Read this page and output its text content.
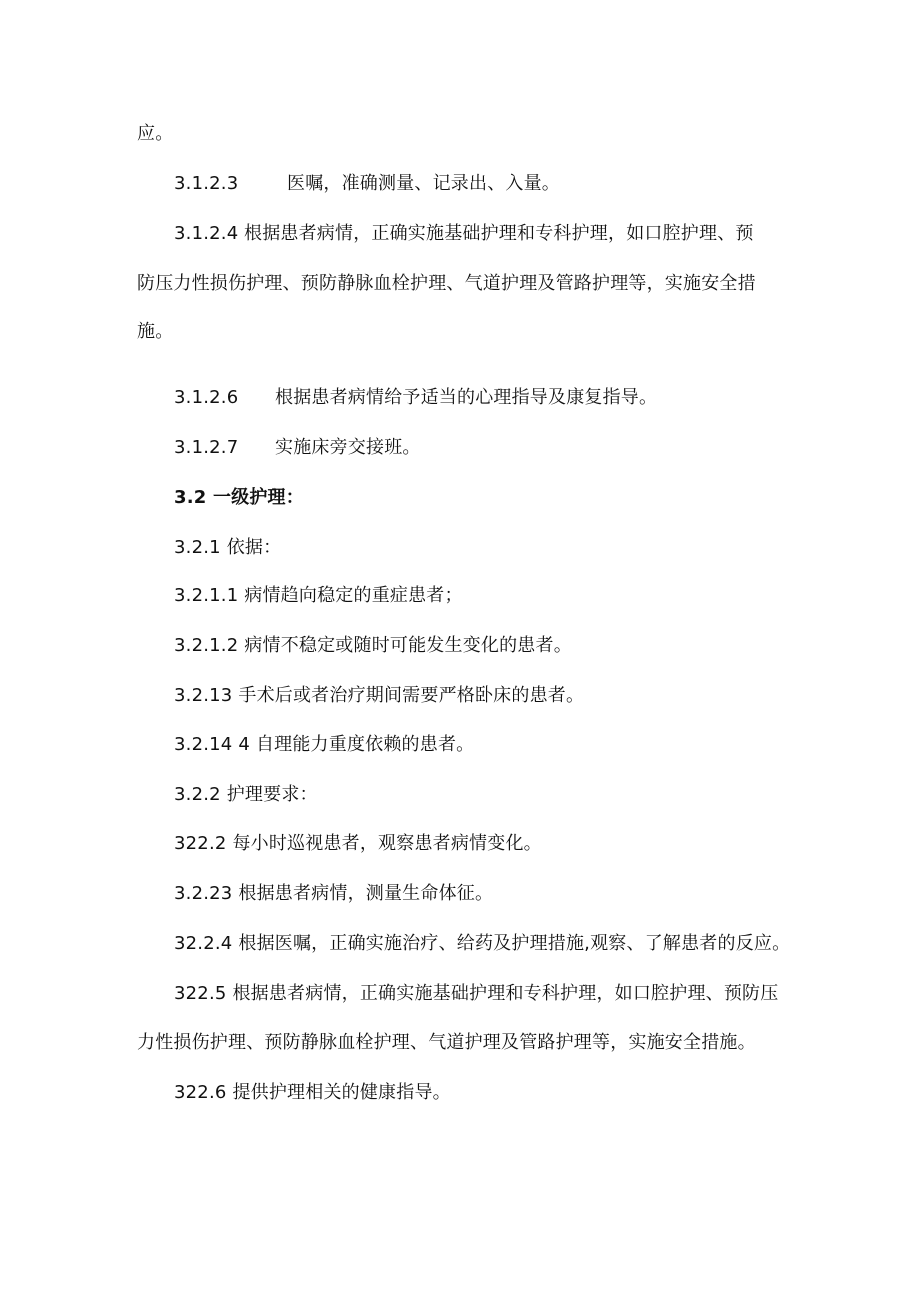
应。
3.1.2.3	医嘱，准确测量、记录出、入量。
3.1.2.4 根据患者病情，正确实施基础护理和专科护理，如口腔护理、预
防压力性损伤护理、预防静脉血栓护理、气道护理及管路护理等，实施安全措
施。
3.1.2.6 根据患者病情给予适当的心理指导及康复指导。
3.1.2.7 实施床旁交接班。
3.2 一级护理：
3.2.1 依据：
3.2.1.1 病情趋向稳定的重症患者；
3.2.1.2 病情不稳定或随时可能发生变化的患者。
3.2.13 手术后或者治疗期间需要严格卧床的患者。
3.2.14 4 自理能力重度依赖的患者。
3.2.2 护理要求：
322.2 每小时巡视患者，观察患者病情变化。
3.2.23 根据患者病情，测量生命体征。
32.2.4 根据医嘱，正确实施治疗、给药及护理措施,观察、了解患者的反应。
322.5 根据患者病情，正确实施基础护理和专科护理，如口腔护理、预防压
力性损伤护理、预防静脉血栓护理、气道护理及管路护理等，实施安全措施。
322.6 提供护理相关的健康指导。
